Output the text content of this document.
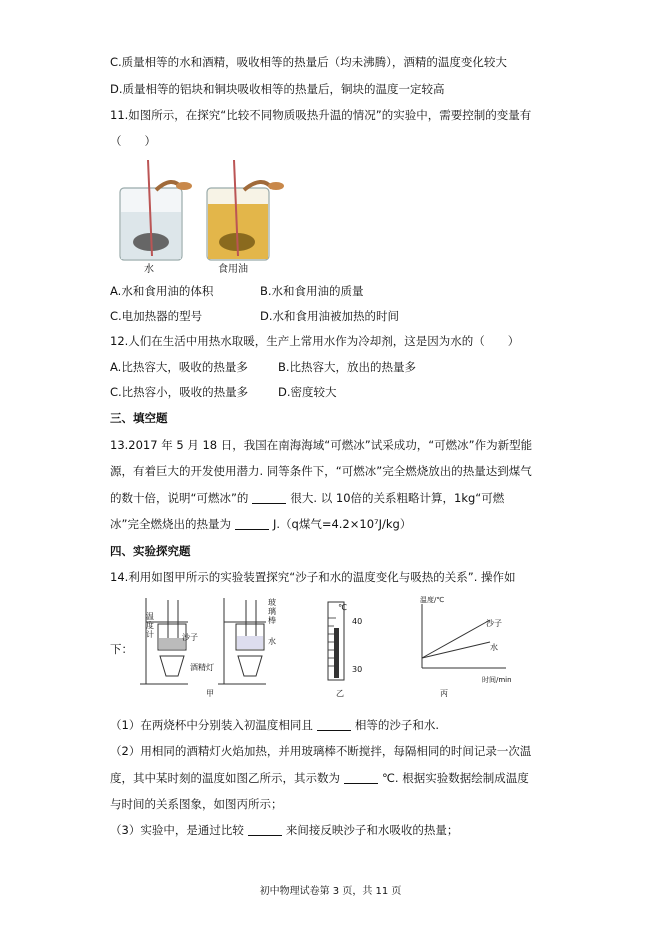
C.质量相等的水和酒精，吸收相等的热量后（均未沸腾），酒精的温度变化较大
D.质量相等的铝块和铜块吸收相等的热量后，铜块的温度一定较高
11.如图所示，在探究“比较不同物质吸热升温的情况”的实验中，需要控制的变量有
（　　）
水	食用油
A.水和食用油的体积	B.水和食用油的质量
C.电加热器的型号	D.水和食用油被加热的时间
12.人们在生活中用热水取暖，生产上常用水作为冷却剂，这是因为水的（　　）
A.比热容大，吸收的热量多	B.比热容大，放出的热量多
C.比热容小，吸收的热量多	D.密度较大
三、填空题
13.2017 年 5 月 18 日，我国在南海海域“可燃冰”试采成功，“可燃冰”作为新型能
源，有着巨大的开发使用潜力. 同等条件下，“可燃冰”完全燃烧放出的热量达到煤气
的数十倍，说明“可燃冰”的	很大. 以 10倍的关系粗略计算，1kg“可燃
冰”完全燃烧出的热量为	J.（q煤气=4.2×10⁷J/kg）
四、实验探究题
14.利用如图甲所示的实验装置探究“沙子和水的温度变化与吸热的关系”. 操作如
下：
玻璃棒
温度计	沙子	水
酒精灯
甲
℃
40
30
乙
温度/℃
沙子
水
时间/min
丙
（1）在两烧杯中分别装入初温度相同且	相等的沙子和水.
（2）用相同的酒精灯火焰加热，并用玻璃棒不断搅拌，每隔相同的时间记录一次温
度，其中某时刻的温度如图乙所示，其示数为	℃. 根据实验数据绘制成温度
与时间的关系图象，如图丙所示；
（3）实验中，是通过比较	来间接反映沙子和水吸收的热量；
初中物理试卷第 3 页，共 11 页
